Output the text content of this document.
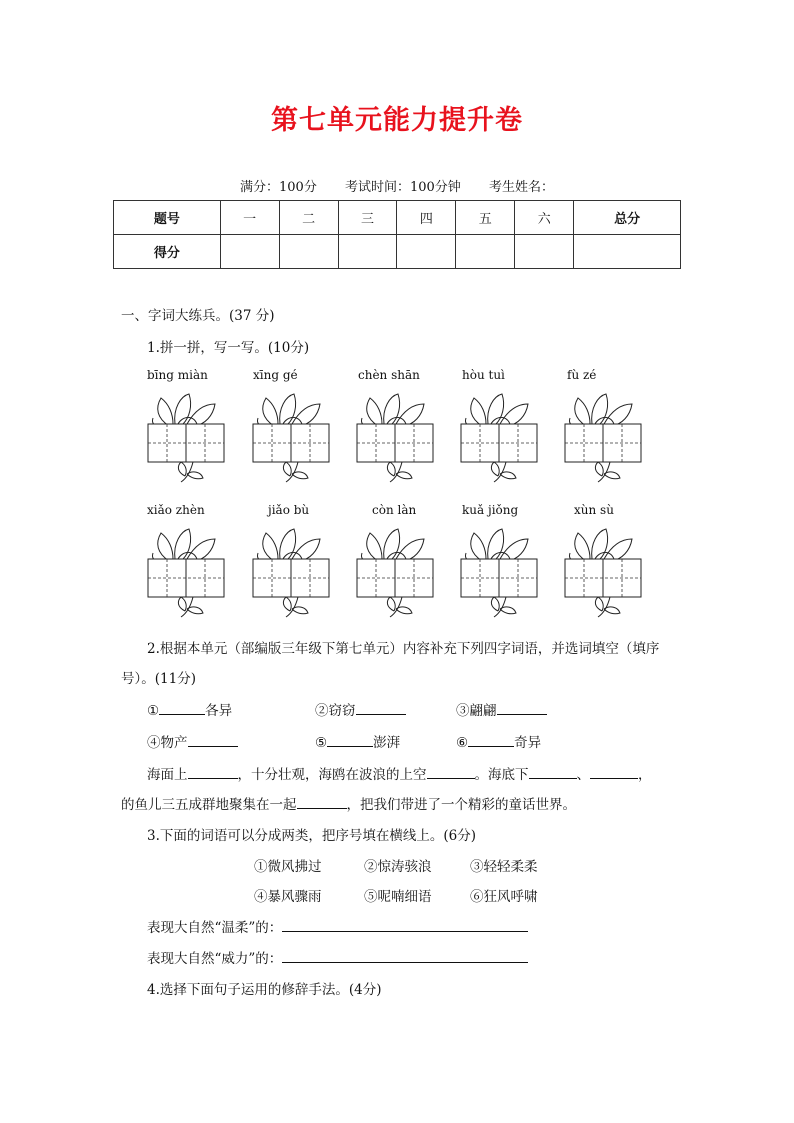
第七单元能力提升卷
满分：100分 考试时间：100分钟 考生姓名：
题号	一	二	三	四	五	六	总分
得分							
一、字词大练兵。(37 分)
1.拼一拼，写一写。(10分)
bīng miàn	xīng gé	chèn shān	hòu tuì	fù zé
xiǎo zhèn	jiǎo bù	còn làn	kuǎ jiǒng	xùn sù
2.根据本单元（部编版三年级下第七单元）内容补充下列四字词语，并选词填空（填序
号）。(11分)
①	各异	②窃窃	③翩翩
④物产	⑤	澎湃	⑥	奇异
海面上	，十分壮观，海鸥在波浪的上空	。海底下	、	，
的鱼儿三五成群地聚集在一起	，把我们带进了一个精彩的童话世界。
3.下面的词语可以分成两类，把序号填在横线上。(6分)
①微风拂过	②惊涛骇浪	③轻轻柔柔
④暴风骤雨	⑤呢喃细语	⑥狂风呼啸
表现大自然“温柔”的：
表现大自然“威力”的：
4.选择下面句子运用的修辞手法。(4分)
